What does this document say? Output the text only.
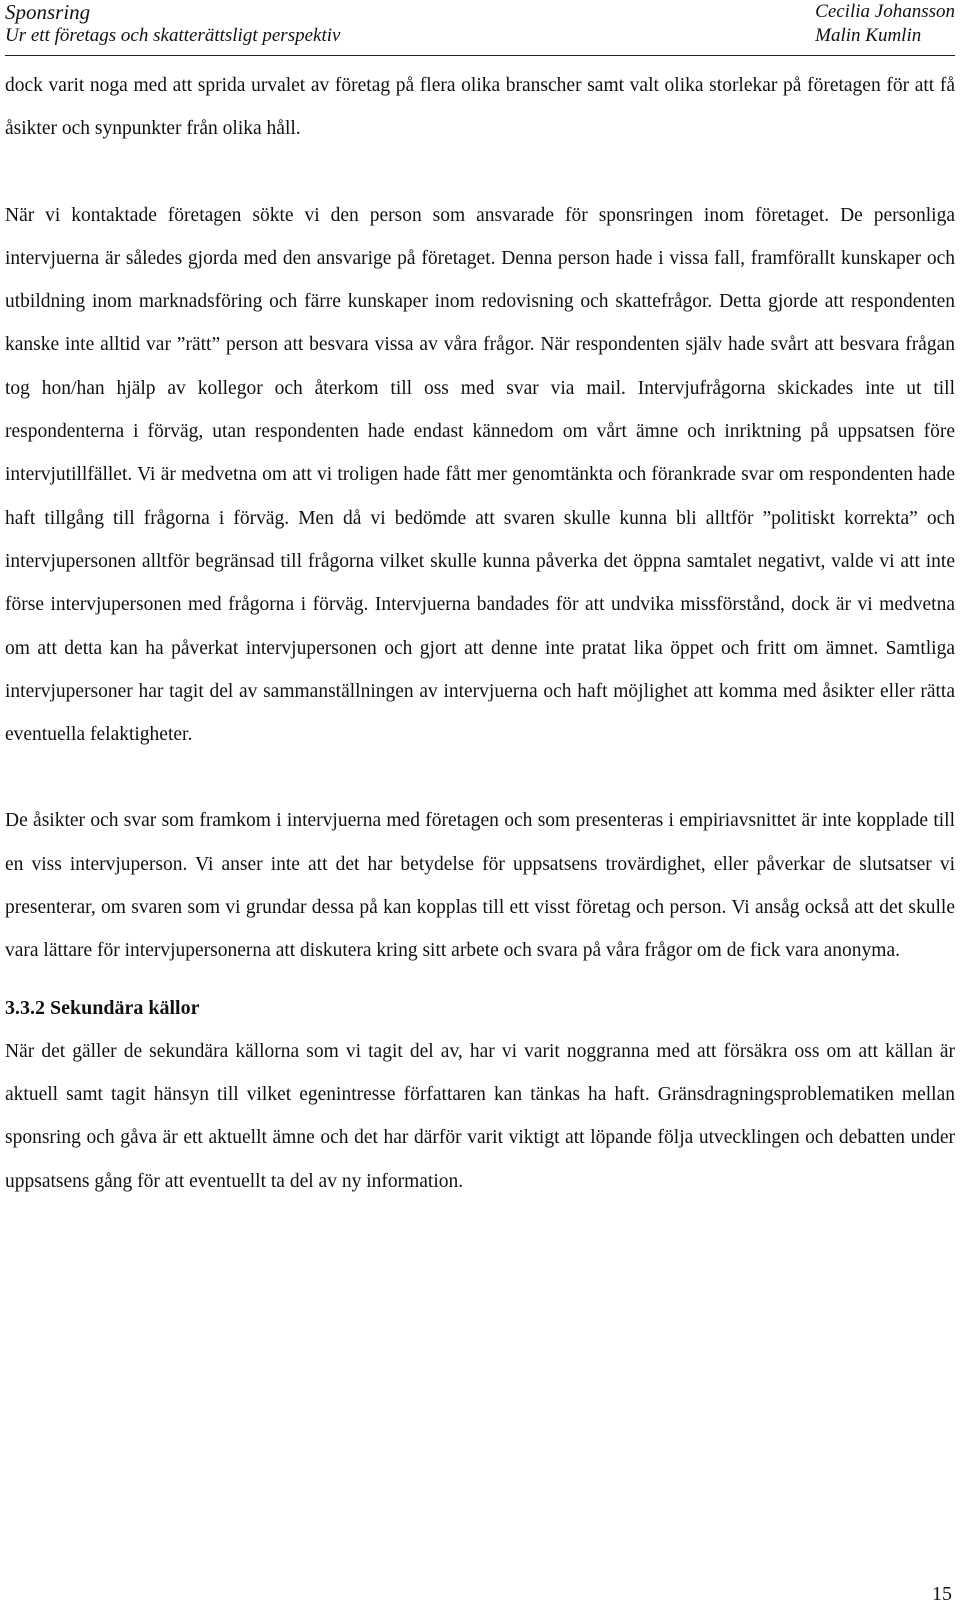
Sponsring
Ur ett företags och skatterättsligt perspektiv
Cecilia Johansson
Malin Kumlin

dock varit noga med att sprida urvalet av företag på flera olika branscher samt valt olika storlekar på företagen för att få åsikter och synpunkter från olika håll.

När vi kontaktade företagen sökte vi den person som ansvarade för sponsringen inom företaget. De personliga intervjuerna är således gjorda med den ansvarige på företaget. Denna person hade i vissa fall, framförallt kunskaper och utbildning inom marknadsföring och färre kunskaper inom redovisning och skattefrågor. Detta gjorde att respondenten kanske inte alltid var ”rätt” person att besvara vissa av våra frågor. När respondenten själv hade svårt att besvara frågan tog hon/han hjälp av kollegor och återkom till oss med svar via mail. Intervjufrågorna skickades inte ut till respondenterna i förväg, utan respondenten hade endast kännedom om vårt ämne och inriktning på uppsatsen före intervjutillfället. Vi är medvetna om att vi troligen hade fått mer genomtänkta och förankrade svar om respondenten hade haft tillgång till frågorna i förväg. Men då vi bedömde att svaren skulle kunna bli alltför ”politiskt korrekta” och intervjupersonen alltför begränsad till frågorna vilket skulle kunna påverka det öppna samtalet negativt, valde vi att inte förse intervjupersonen med frågorna i förväg. Intervjuerna bandades för att undvika missförstånd, dock är vi medvetna om att detta kan ha påverkat intervjupersonen och gjort att denne inte pratat lika öppet och fritt om ämnet. Samtliga intervjupersoner har tagit del av sammanställningen av intervjuerna och haft möjlighet att komma med åsikter eller rätta eventuella felaktigheter.

De åsikter och svar som framkom i intervjuerna med företagen och som presenteras i empiriavsnittet är inte kopplade till en viss intervjuperson. Vi anser inte att det har betydelse för uppsatsens trovärdighet, eller påverkar de slutsatser vi presenterar, om svaren som vi grundar dessa på kan kopplas till ett visst företag och person. Vi ansåg också att det skulle vara lättare för intervjupersonerna att diskutera kring sitt arbete och svara på våra frågor om de fick vara anonyma.

3.3.2 Sekundära källor

När det gäller de sekundära källorna som vi tagit del av, har vi varit noggranna med att försäkra oss om att källan är aktuell samt tagit hänsyn till vilket egenintresse författaren kan tänkas ha haft. Gränsdragningsproblematiken mellan sponsring och gåva är ett aktuellt ämne och det har därför varit viktigt att löpande följa utvecklingen och debatten under uppsatsens gång för att eventuellt ta del av ny information.

15
